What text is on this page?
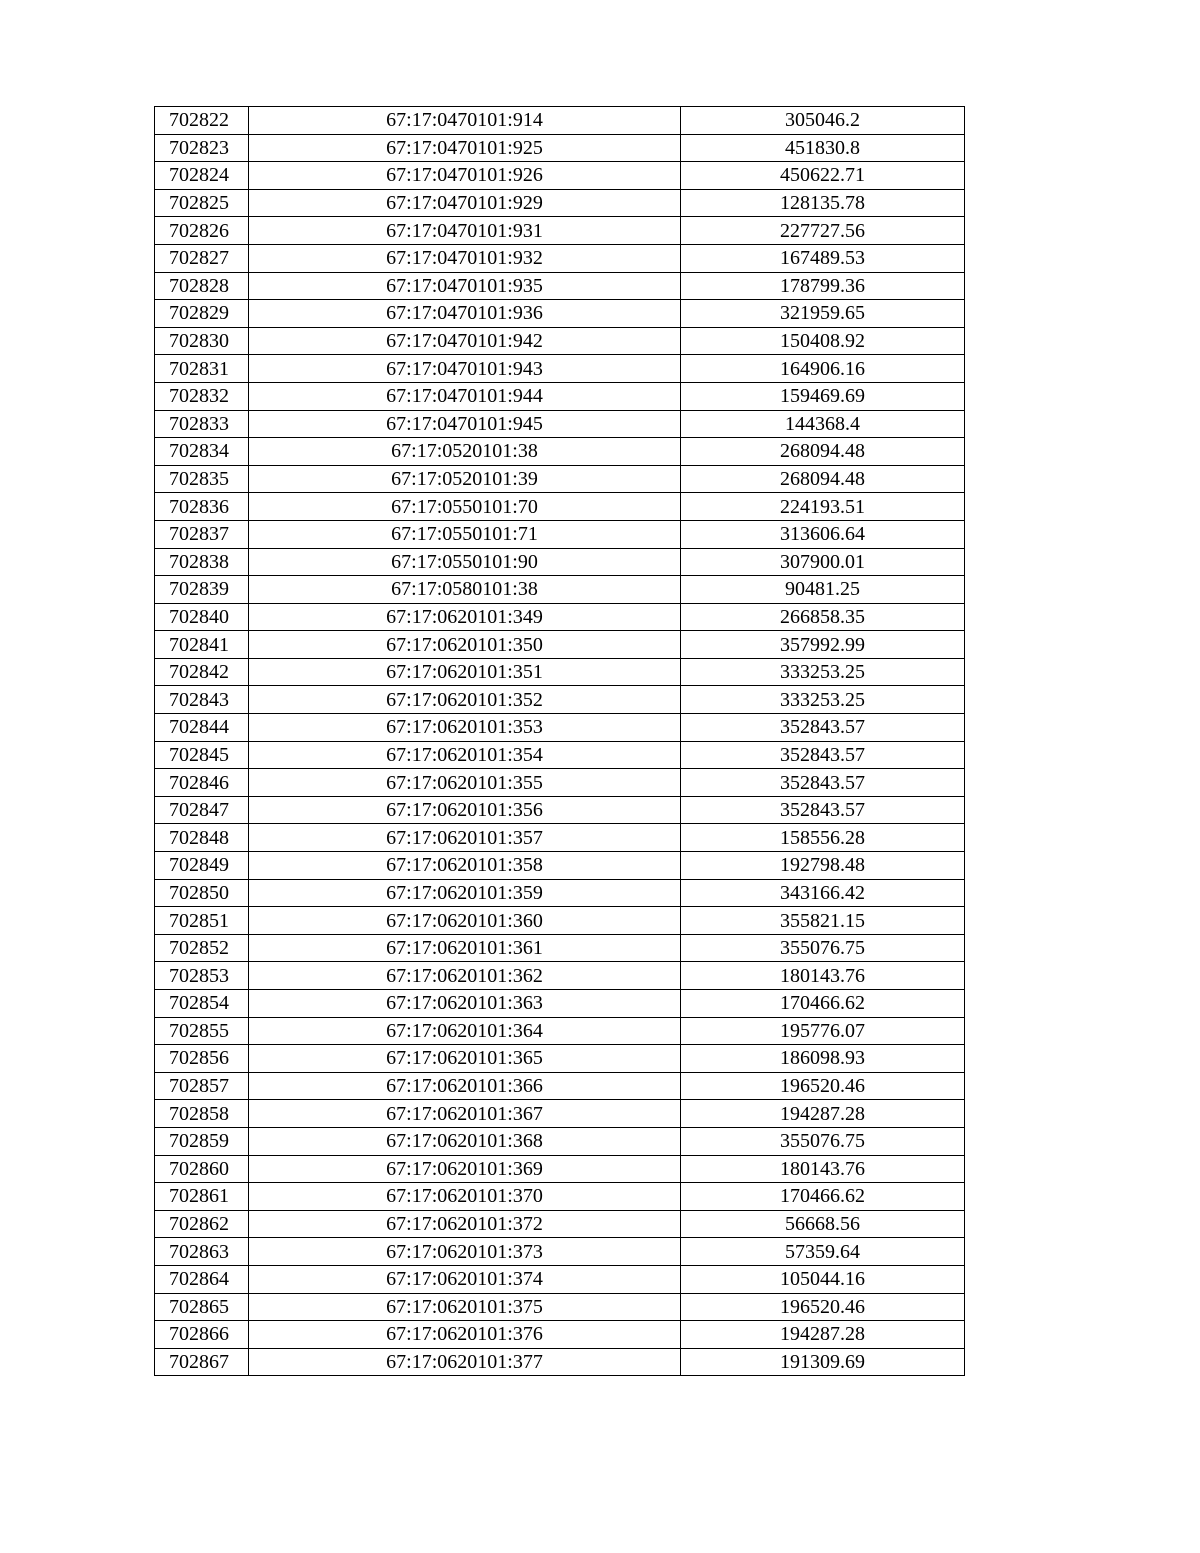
702822	67:17:0470101:914	305046.2
702823	67:17:0470101:925	451830.8
702824	67:17:0470101:926	450622.71
702825	67:17:0470101:929	128135.78
702826	67:17:0470101:931	227727.56
702827	67:17:0470101:932	167489.53
702828	67:17:0470101:935	178799.36
702829	67:17:0470101:936	321959.65
702830	67:17:0470101:942	150408.92
702831	67:17:0470101:943	164906.16
702832	67:17:0470101:944	159469.69
702833	67:17:0470101:945	144368.4
702834	67:17:0520101:38	268094.48
702835	67:17:0520101:39	268094.48
702836	67:17:0550101:70	224193.51
702837	67:17:0550101:71	313606.64
702838	67:17:0550101:90	307900.01
702839	67:17:0580101:38	90481.25
702840	67:17:0620101:349	266858.35
702841	67:17:0620101:350	357992.99
702842	67:17:0620101:351	333253.25
702843	67:17:0620101:352	333253.25
702844	67:17:0620101:353	352843.57
702845	67:17:0620101:354	352843.57
702846	67:17:0620101:355	352843.57
702847	67:17:0620101:356	352843.57
702848	67:17:0620101:357	158556.28
702849	67:17:0620101:358	192798.48
702850	67:17:0620101:359	343166.42
702851	67:17:0620101:360	355821.15
702852	67:17:0620101:361	355076.75
702853	67:17:0620101:362	180143.76
702854	67:17:0620101:363	170466.62
702855	67:17:0620101:364	195776.07
702856	67:17:0620101:365	186098.93
702857	67:17:0620101:366	196520.46
702858	67:17:0620101:367	194287.28
702859	67:17:0620101:368	355076.75
702860	67:17:0620101:369	180143.76
702861	67:17:0620101:370	170466.62
702862	67:17:0620101:372	56668.56
702863	67:17:0620101:373	57359.64
702864	67:17:0620101:374	105044.16
702865	67:17:0620101:375	196520.46
702866	67:17:0620101:376	194287.28
702867	67:17:0620101:377	191309.69
